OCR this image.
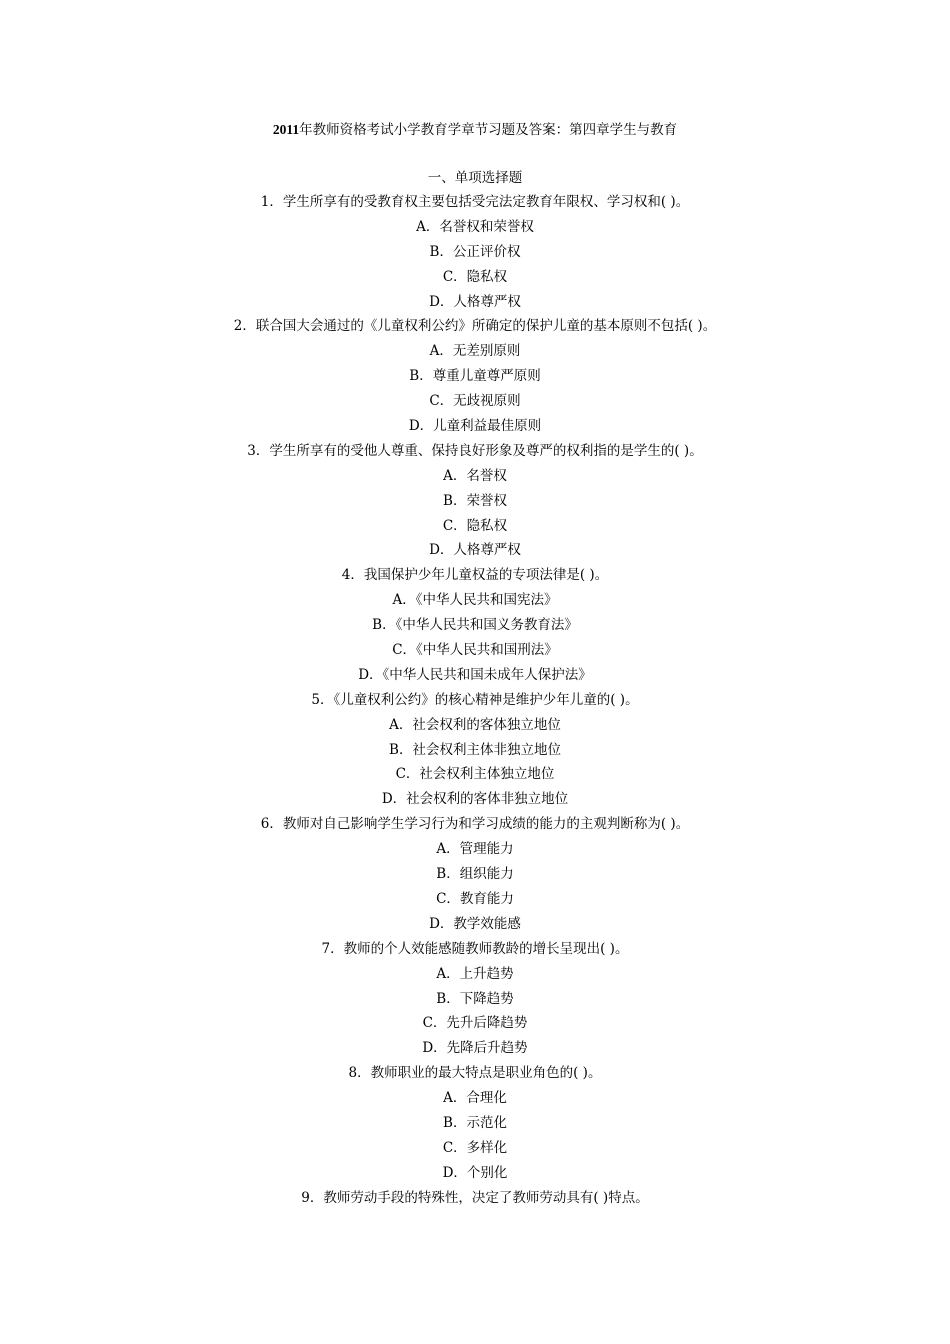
2011年教师资格考试小学教育学章节习题及答案：第四章学生与教育
一、单项选择题
1．学生所享有的受教育权主要包括受完法定教育年限权、学习权和( )。
A．名誉权和荣誉权
B．公正评价权
C．隐私权
D．人格尊严权
2．联合国大会通过的《儿童权利公约》所确定的保护儿童的基本原则不包括( )。
A．无差别原则
B．尊重儿童尊严原则
C．无歧视原则
D．儿童利益最佳原则
3．学生所享有的受他人尊重、保持良好形象及尊严的权利指的是学生的( )。
A．名誉权
B．荣誉权
C．隐私权
D．人格尊严权
4．我国保护少年儿童权益的专项法律是( )。
A．《中华人民共和国宪法》
B．《中华人民共和国义务教育法》
C．《中华人民共和国刑法》
D．《中华人民共和国未成年人保护法》
5．《儿童权利公约》的核心精神是维护少年儿童的( )。
A．社会权利的客体独立地位
B．社会权利主体非独立地位
C．社会权利主体独立地位
D．社会权利的客体非独立地位
6．教师对自己影响学生学习行为和学习成绩的能力的主观判断称为( )。
A．管理能力
B．组织能力
C．教育能力
D．教学效能感
7．教师的个人效能感随教师教龄的增长呈现出( )。
A．上升趋势
B．下降趋势
C．先升后降趋势
D．先降后升趋势
8．教师职业的最大特点是职业角色的( )。
A．合理化
B．示范化
C．多样化
D．个别化
9．教师劳动手段的特殊性，决定了教师劳动具有( )特点。
